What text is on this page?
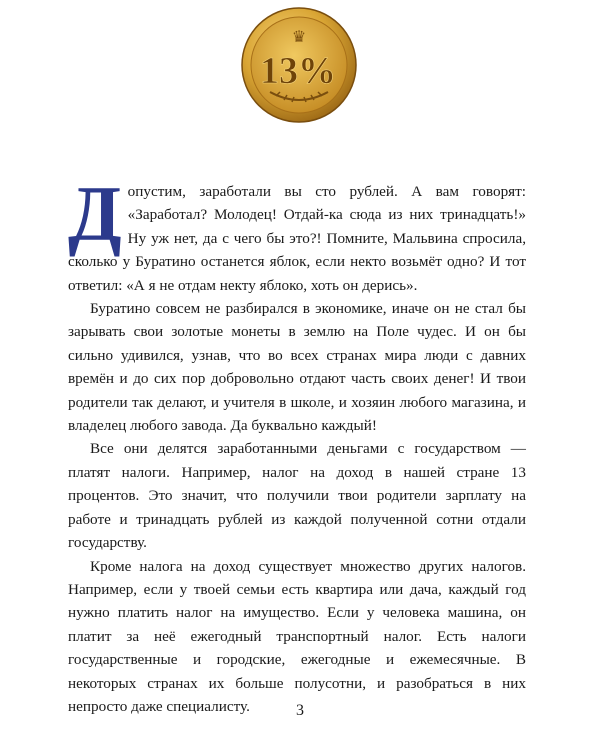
♛
13%

Допустим, заработали вы сто рублей. А вам говорят: «Заработал? Молодец! Отдай-ка сюда из них тринадцать!» Ну уж нет, да с чего бы это?! Помните, Мальвина спросила, сколько у Буратино останется яблок, если некто возьмёт одно? И тот ответил: «А я не отдам некту яблоко, хоть он дерись».

Буратино совсем не разбирался в экономике, иначе он не стал бы зарывать свои золотые монеты в землю на Поле чудес. И он бы сильно удивился, узнав, что во всех странах мира люди с давних времён и до сих пор добровольно отдают часть своих денег! И твои родители так делают, и учителя в школе, и хозяин любого магазина, и владелец любого завода. Да буквально каждый!

Все они делятся заработанными деньгами с государством — платят налоги. Например, налог на доход в нашей стране 13 процентов. Это значит, что получили твои родители зарплату на работе и тринадцать рублей из каждой полученной сотни отдали государству.

Кроме налога на доход существует множество других налогов. Например, если у твоей семьи есть квартира или дача, каждый год нужно платить налог на имущество. Если у человека машина, он платит за неё ежегодный транспортный налог. Есть налоги государственные и городские, ежегодные и ежемесячные. В некоторых странах их больше полусотни, и разобраться в них непросто даже специалисту.	3
